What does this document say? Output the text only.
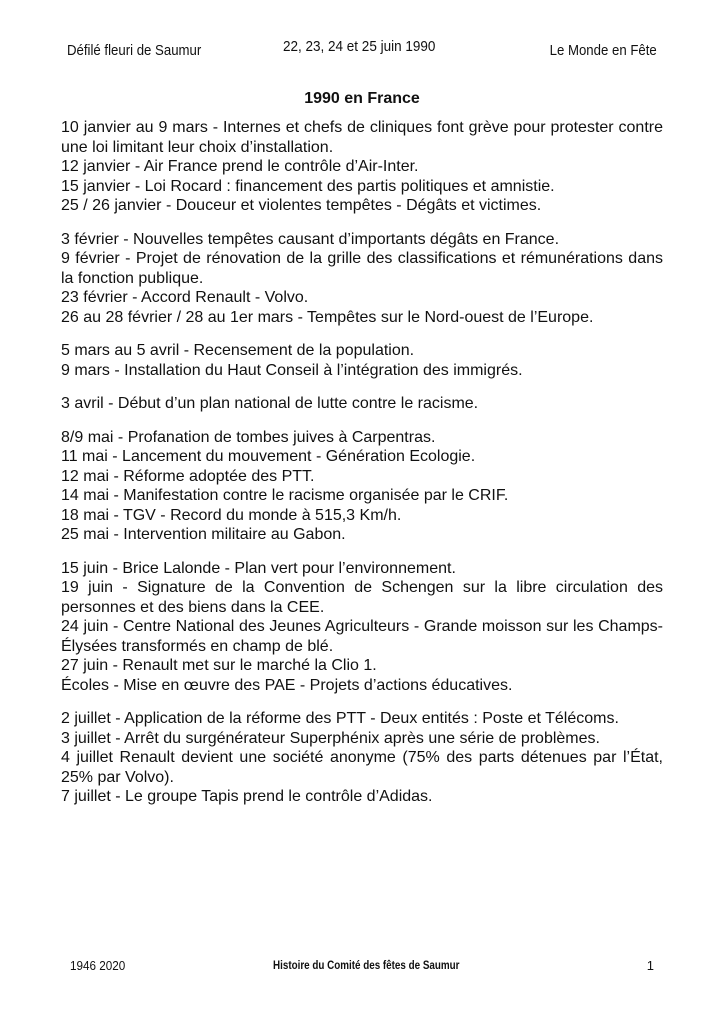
Défilé fleuri de Saumur	22, 23, 24 et 25 juin 1990	Le Monde en Fête
1990 en France

10 janvier au 9 mars - Internes et chefs de cliniques font grève pour protester contre une loi limitant leur choix d’installation.

12 janvier - Air France prend le contrôle d’Air-Inter.

15 janvier - Loi Rocard : financement des partis politiques et amnistie.

25 / 26 janvier - Douceur et violentes tempêtes - Dégâts et victimes.

3 février - Nouvelles tempêtes causant d’importants dégâts en France.

9 février - Projet de rénovation de la grille des classifications et rémunérations dans la fonction publique.

23 février - Accord Renault - Volvo.

26 au 28 février / 28 au 1er mars - Tempêtes sur le Nord-ouest de l’Europe.

5 mars au 5 avril - Recensement de la population.

9 mars - Installation du Haut Conseil à l’intégration des immigrés.

3 avril - Début d’un plan national de lutte contre le racisme.

8/9 mai - Profanation de tombes juives à Carpentras.

11 mai - Lancement du mouvement - Génération Ecologie.

12 mai - Réforme adoptée des PTT.

14 mai - Manifestation contre le racisme organisée par le CRIF.

18 mai - TGV - Record du monde à 515,3 Km/h.

25 mai - Intervention militaire au Gabon.

15 juin - Brice Lalonde - Plan vert pour l’environnement.

19 juin - Signature de la Convention de Schengen sur la libre circulation des personnes et des biens dans la CEE.

24 juin - Centre National des Jeunes Agriculteurs - Grande moisson sur les Champs-Élysées transformés en champ de blé.

27 juin - Renault met sur le marché la Clio 1.

Écoles - Mise en œuvre des PAE - Projets d’actions éducatives.

2 juillet - Application de la réforme des PTT - Deux entités : Poste et Télécoms.

3 juillet - Arrêt du surgénérateur Superphénix après une série de problèmes.

4 juillet Renault devient une société anonyme (75% des parts détenues par l’État, 25% par Volvo).

7 juillet - Le groupe Tapis prend le contrôle d’Adidas.

1946 2020	Histoire du Comité des fêtes de Saumur	1
